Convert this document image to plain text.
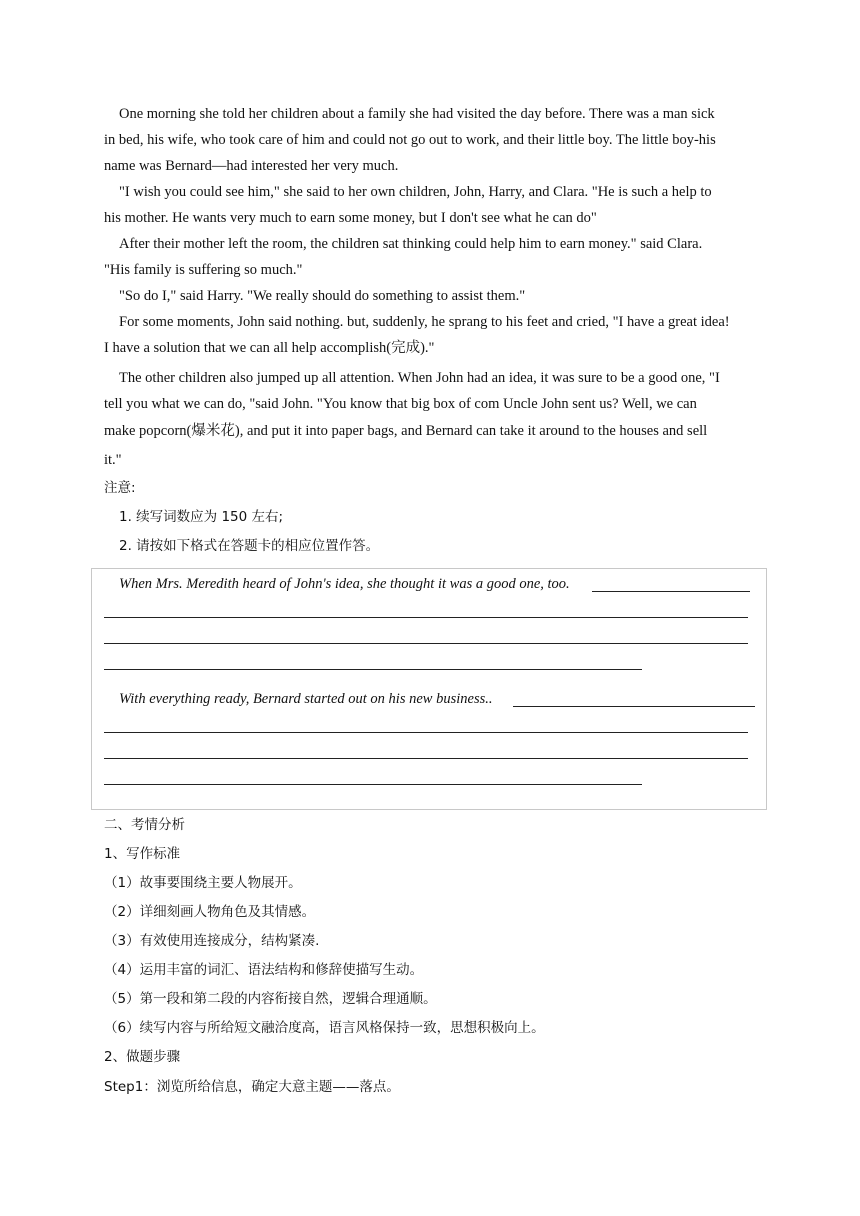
One morning she told her children about a family she had visited the day before. There was a man sick
in bed, his wife, who took care of him and could not go out to work, and their little boy. The little boy-his
name was Bernard—had interested her very much.
"I wish you could see him," she said to her own children, John, Harry, and Clara. "He is such a help to
his mother. He wants very much to earn some money, but I don't see what he can do"
After their mother left the room, the children sat thinking could help him to earn money." said Clara.
"His family is suffering so much."
"So do I," said Harry. "We really should do something to assist them."
For some moments, John said nothing. but, suddenly, he sprang to his feet and cried, "I have a great idea!
I have a solution that we can all help accomplish(完成)."
The other children also jumped up all attention. When John had an idea, it was sure to be a good one, "I
tell you what we can do, "said John. "You know that big box of com Uncle John sent us? Well, we can
make popcorn(爆米花), and put it into paper bags, and Bernard can take it around to the houses and sell
it."
注意:
1. 续写词数应为 150 左右;
2. 请按如下格式在答题卡的相应位置作答。
When Mrs. Meredith heard of John's idea, she thought it was a good one, too.
With everything ready, Bernard started out on his new business..
二、考情分析
1、写作标准
（1）故事要围绕主要人物展开。
（2）详细刻画人物角色及其情感。
（3）有效使用连接成分，结构紧凑.
（4）运用丰富的词汇、语法结构和修辞使描写生动。
（5）第一段和第二段的内容衔接自然，逻辑合理通顺。
（6）续写内容与所给短文融洽度高，语言风格保持一致，思想积极向上。
2、做题步骤
Step1：浏览所给信息，确定大意主题——落点。
